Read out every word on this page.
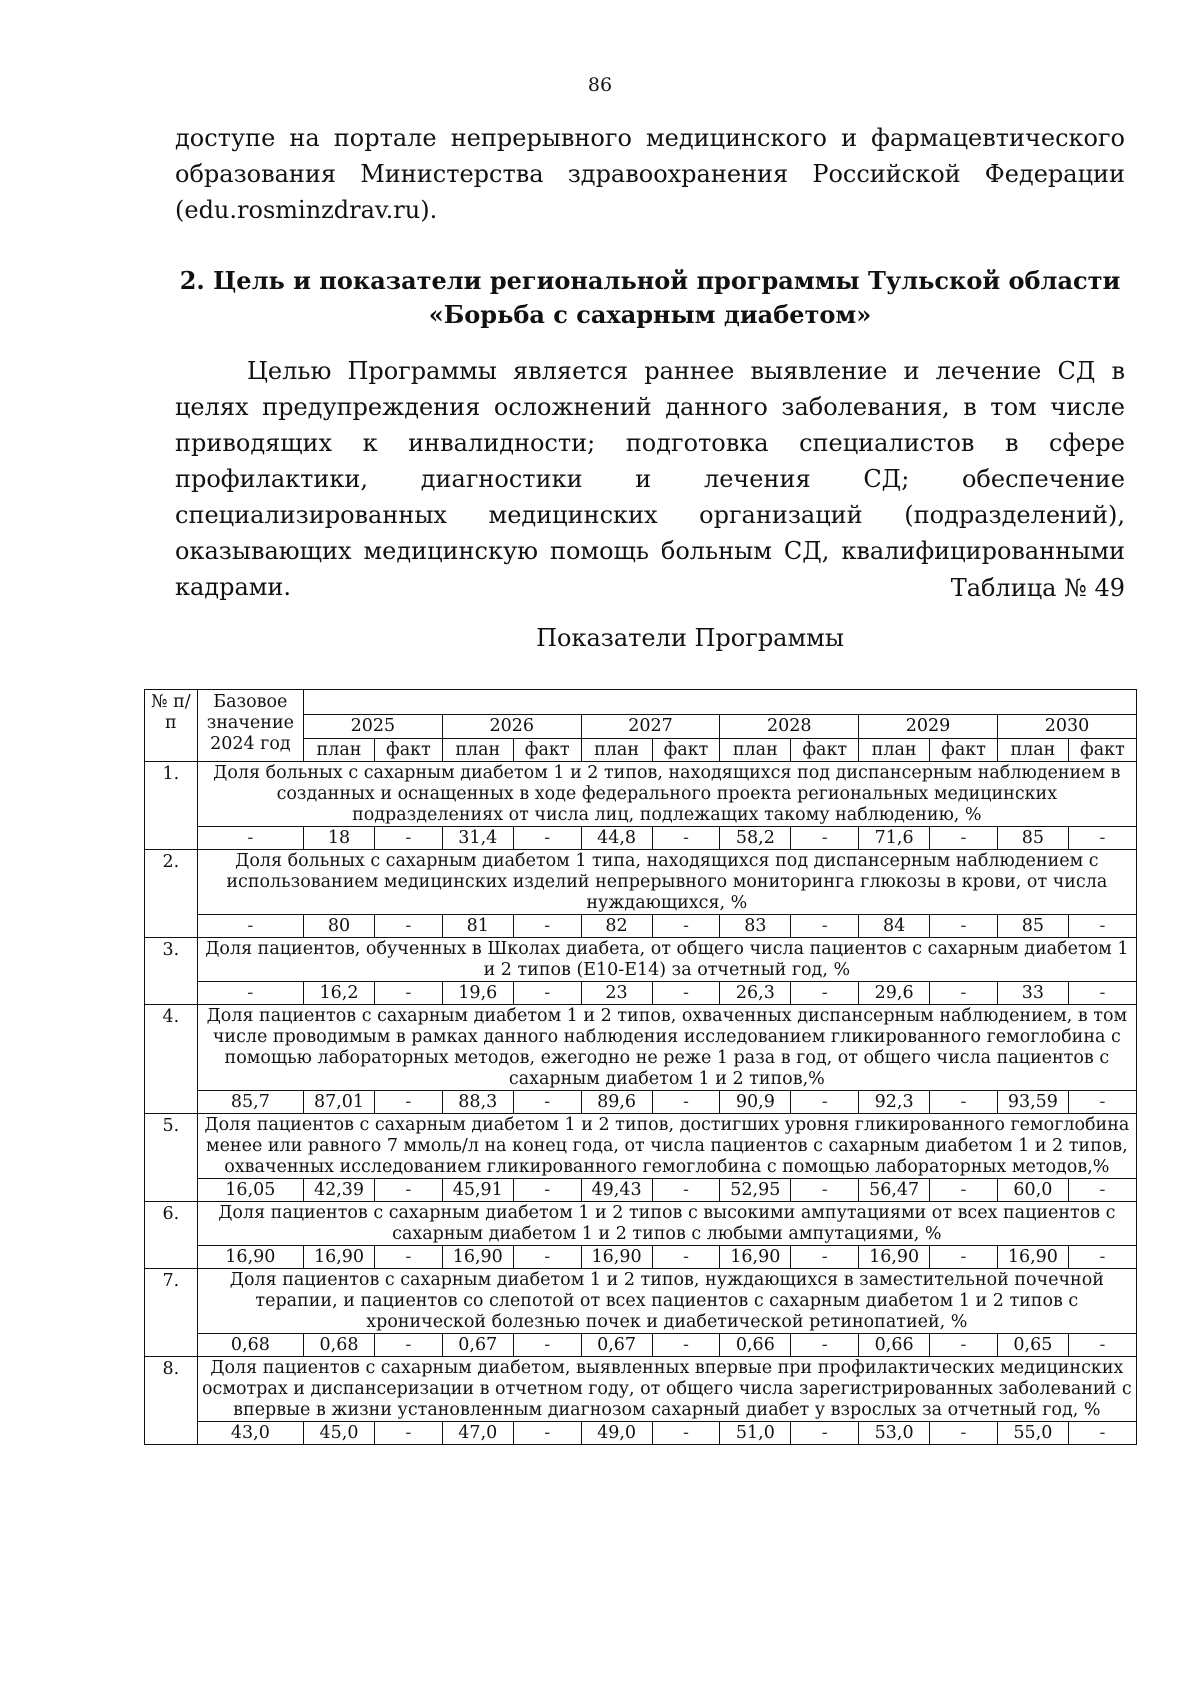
86

доступе на портале непрерывного медицинского и фармацевтического образования Министерства здравоохранения Российской Федерации (edu.rosminzdrav.ru).

2. Цель и показатели региональной программы Тульской области
«Борьба с сахарным диабетом»

Целью Программы является раннее выявление и лечение СД в целях предупреждения осложнений данного заболевания, в том числе приводящих к инвалидности; подготовка специалистов в сфере профилактики, диагностики и лечения СД; обеспечение специализированных медицинских организаций (подразделений), оказывающих медицинскую помощь больным СД, квалифицированными кадрами.	Таблица № 49
Показатели Программы
№ п/п	Базовое значение 2024 год												
		2025		2026		2027		2028		2029		2030	
		план	факт	план	факт	план	факт	план	факт	план	факт	план	факт
1.	Доля больных с сахарным диабетом 1 и 2 типов, находящихся под диспансерным наблюдением в созданных и оснащенных в ходе федерального проекта региональных медицинских подразделениях от числа лиц, подлежащих такому наблюдению, %												
	-	18	-	31,4	-	44,8	-	58,2	-	71,6	-	85	-
2.	Доля больных с сахарным диабетом 1 типа, находящихся под диспансерным наблюдением с использованием медицинских изделий непрерывного мониторинга глюкозы в крови, от числа нуждающихся, %												
	-	80	-	81	-	82	-	83	-	84	-	85	-
3.	Доля пациентов, обученных в Школах диабета, от общего числа пациентов с сахарным диабетом 1 и 2 типов (Е10-Е14) за отчетный год, %												
	-	16,2	-	19,6	-	23	-	26,3	-	29,6	-	33	-
4.	Доля пациентов с сахарным диабетом 1 и 2 типов, охваченных диспансерным наблюдением, в том числе проводимым в рамках данного наблюдения исследованием гликированного гемоглобина с помощью лабораторных методов, ежегодно не реже 1 раза в год, от общего числа пациентов с сахарным диабетом 1 и 2 типов,%												
	85,7	87,01	-	88,3	-	89,6	-	90,9	-	92,3	-	93,59	-
5.	Доля пациентов с сахарным диабетом 1 и 2 типов, достигших уровня гликированного гемоглобина менее или равного 7 ммоль/л на конец года, от числа пациентов с сахарным диабетом 1 и 2 типов, охваченных исследованием гликированного гемоглобина с помощью лабораторных методов,%												
	16,05	42,39	-	45,91	-	49,43	-	52,95	-	56,47	-	60,0	-
6.	Доля пациентов с сахарным диабетом 1 и 2 типов с высокими ампутациями от всех пациентов с сахарным диабетом 1 и 2 типов с любыми ампутациями, %												
	16,90	16,90	-	16,90	-	16,90	-	16,90	-	16,90	-	16,90	-
7.	Доля пациентов с сахарным диабетом 1 и 2 типов, нуждающихся в заместительной почечной терапии, и пациентов со слепотой от всех пациентов с сахарным диабетом 1 и 2 типов с хронической болезнью почек и диабетической ретинопатией, %												
	0,68	0,68	-	0,67	-	0,67	-	0,66	-	0,66	-	0,65	-
8.	Доля пациентов с сахарным диабетом, выявленных впервые при профилактических медицинских осмотрах и диспансеризации в отчетном году, от общего числа зарегистрированных заболеваний с впервые в жизни установленным диагнозом сахарный диабет у взрослых за отчетный год, %												
	43,0	45,0	-	47,0	-	49,0	-	51,0	-	53,0	-	55,0	-
